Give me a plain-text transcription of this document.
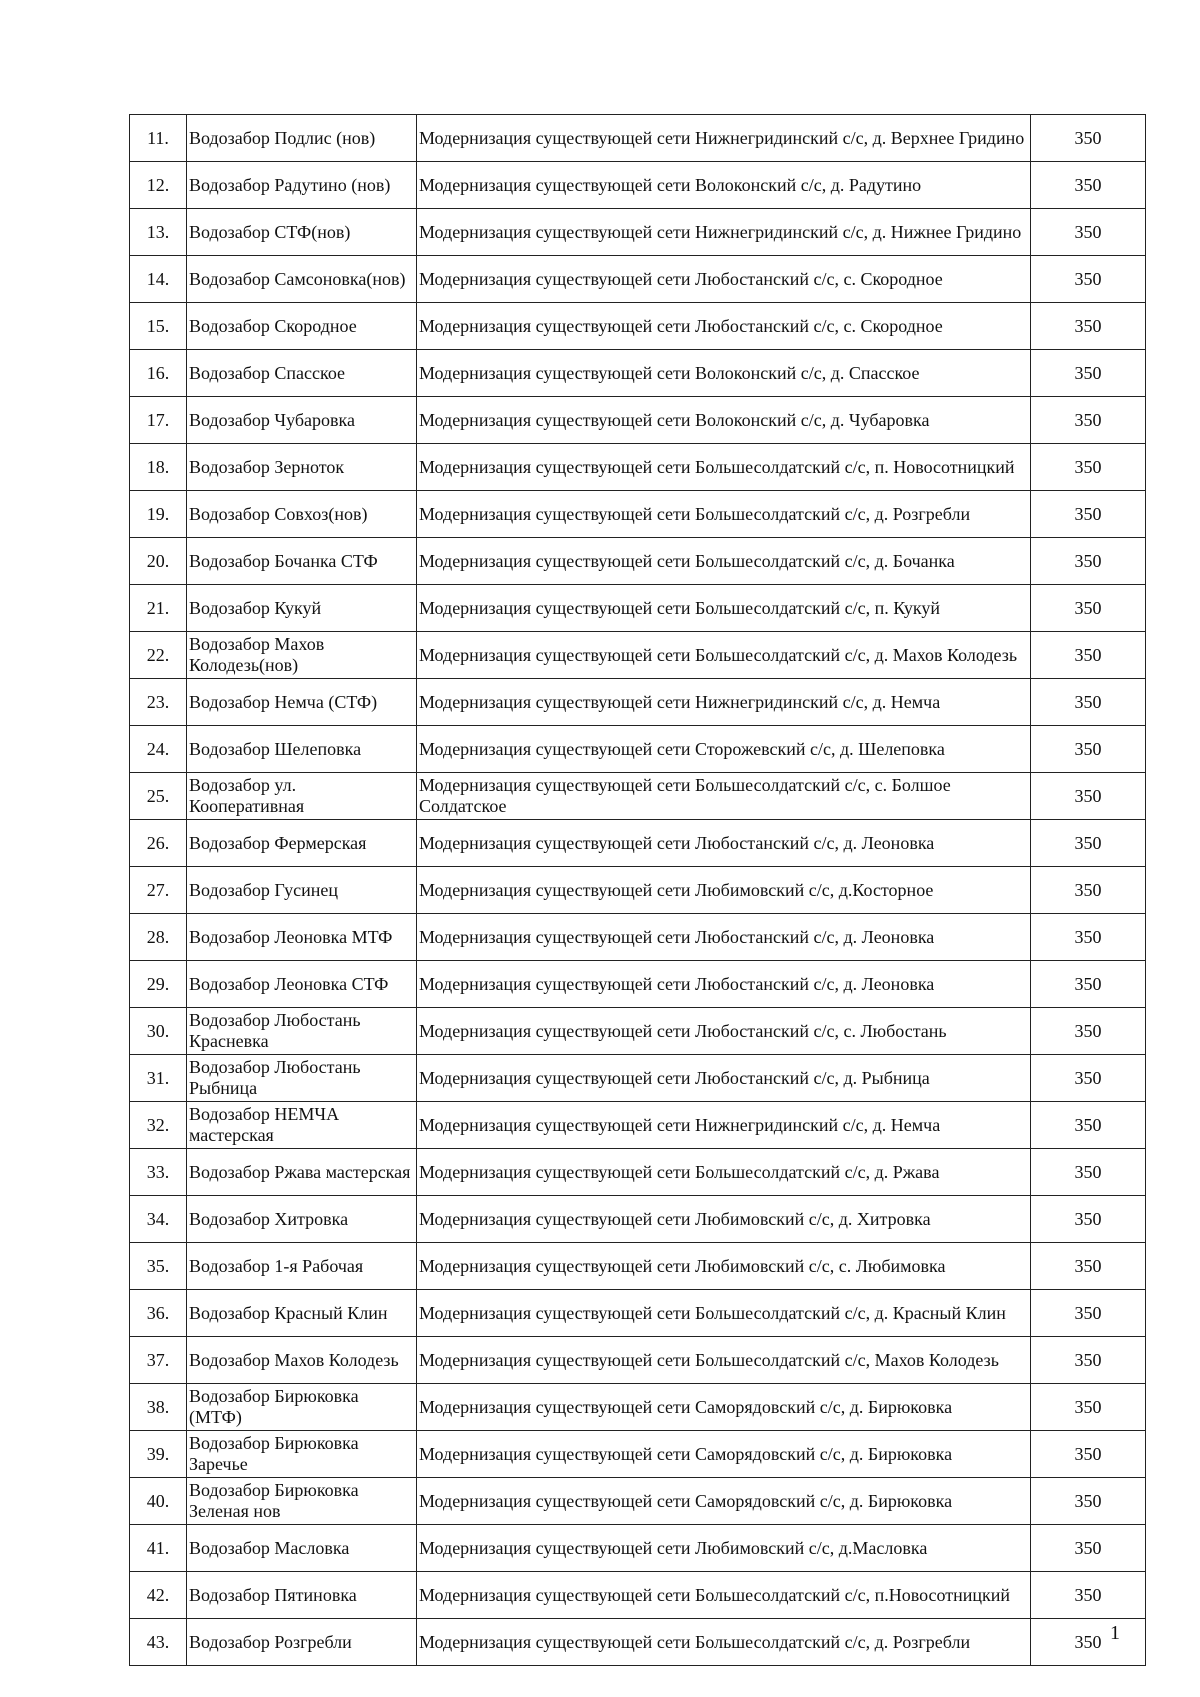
11.	Водозабор Подлис (нов)	Модернизация существующей сети Нижнегридинский с/с, д. Верхнее Гридино	350
12.	Водозабор Радутино (нов)	Модернизация существующей сети Волоконский с/с, д. Радутино	350
13.	Водозабор СТФ(нов)	Модернизация существующей сети Нижнегридинский с/с, д. Нижнее Гридино	350
14.	Водозабор Самсоновка(нов)	Модернизация существующей сети Любостанский с/с, с. Скородное	350
15.	Водозабор Скородное	Модернизация существующей сети Любостанский с/с, с. Скородное	350
16.	Водозабор Спасское	Модернизация существующей сети Волоконский с/с, д. Спасское	350
17.	Водозабор Чубаровка	Модернизация существующей сети Волоконский с/с, д. Чубаровка	350
18.	Водозабор Зерноток	Модернизация существующей сети Большесолдатский с/с, п. Новосотницкий	350
19.	Водозабор Совхоз(нов)	Модернизация существующей сети Большесолдатский с/с, д. Розгребли	350
20.	Водозабор Бочанка СТФ	Модернизация существующей сети Большесолдатский с/с, д. Бочанка	350
21.	Водозабор Кукуй	Модернизация существующей сети Большесолдатский с/с, п. Кукуй	350
22.	Водозабор Махов Колодезь(нов)	Модернизация существующей сети Большесолдатский с/с, д. Махов Колодезь	350
23.	Водозабор Немча (СТФ)	Модернизация существующей сети Нижнегридинский с/с, д. Немча	350
24.	Водозабор Шелеповка	Модернизация существующей сети Сторожевский с/с, д. Шелеповка	350
25.	Водозабор ул. Кооперативная	Модернизация существующей сети Большесолдатский с/с, с. Болшое Солдатское	350
26.	Водозабор Фермерская	Модернизация существующей сети Любостанский с/с, д. Леоновка	350
27.	Водозабор Гусинец	Модернизация существующей сети Любимовский с/с, д.Косторное	350
28.	Водозабор Леоновка МТФ	Модернизация существующей сети Любостанский с/с, д. Леоновка	350
29.	Водозабор Леоновка СТФ	Модернизация существующей сети Любостанский с/с, д. Леоновка	350
30.	Водозабор Любостань Красневка	Модернизация существующей сети Любостанский с/с, с. Любостань	350
31.	Водозабор Любостань Рыбница	Модернизация существующей сети Любостанский с/с, д. Рыбница	350
32.	Водозабор НЕМЧА мастерская	Модернизация существующей сети Нижнегридинский с/с, д. Немча	350
33.	Водозабор Ржава мастерская	Модернизация существующей сети Большесолдатский с/с, д. Ржава	350
34.	Водозабор Хитровка	Модернизация существующей сети Любимовский с/с, д. Хитровка	350
35.	Водозабор 1-я Рабочая	Модернизация существующей сети Любимовский с/с, с. Любимовка	350
36.	Водозабор Красный Клин	Модернизация существующей сети Большесолдатский с/с, д. Красный Клин	350
37.	Водозабор Махов Колодезь	Модернизация существующей сети Большесолдатский с/с, Махов Колодезь	350
38.	Водозабор Бирюковка (МТФ)	Модернизация существующей сети Саморядовский с/с, д. Бирюковка	350
39.	Водозабор Бирюковка Заречье	Модернизация существующей сети Саморядовский с/с, д. Бирюковка	350
40.	Водозабор Бирюковка Зеленая нов	Модернизация существующей сети Саморядовский с/с, д. Бирюковка	350
41.	Водозабор Масловка	Модернизация существующей сети Любимовский с/с, д.Масловка	350
42.	Водозабор Пятиновка	Модернизация существующей сети Большесолдатский с/с, п.Новосотницкий	350
43.	Водозабор Розгребли	Модернизация существующей сети Большесолдатский с/с, д. Розгребли	350 1
